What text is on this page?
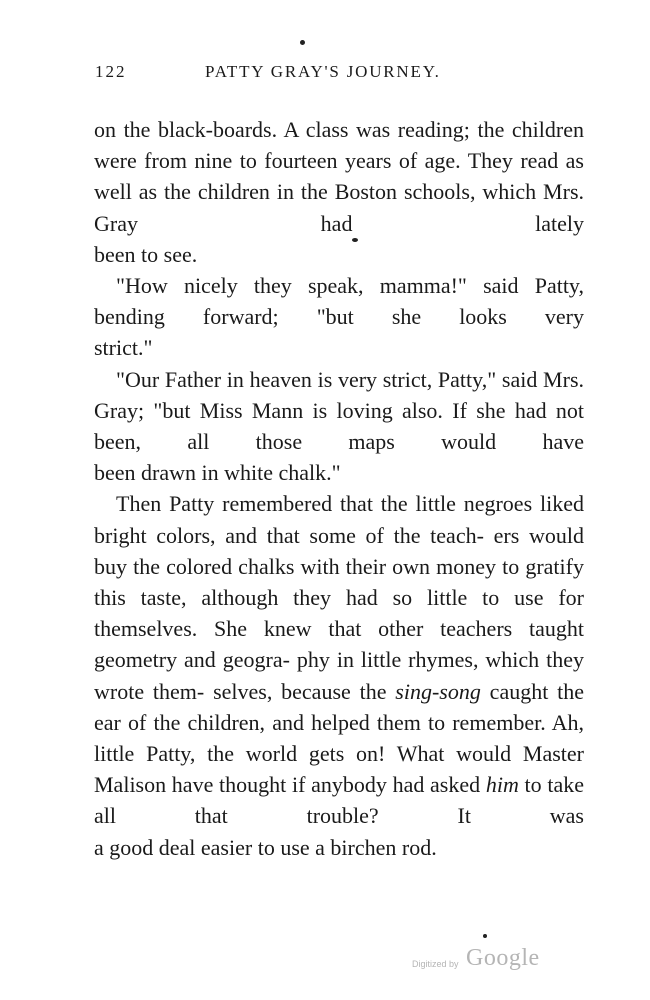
122	PATTY GRAY'S JOURNEY.

on the black-boards. A class was reading; the children were from nine to fourteen years of age. They read as well as the children in the Boston schools, which Mrs. Gray had lately

been to see.

"How nicely they speak, mamma!" said Patty, bending forward; "but she looks very

strict."

"Our Father in heaven is very strict, Patty," said Mrs. Gray; "but Miss Mann is loving also. If she had not been, all those maps would have

been drawn in white chalk."

Then Patty remembered that the little negroes liked bright colors, and that some of the teach- ers would buy the colored chalks with their own money to gratify this taste, although they had so little to use for themselves. She knew that other teachers taught geometry and geogra- phy in little rhymes, which they wrote them- selves, because the sing-song caught the ear of the children, and helped them to remember. Ah, little Patty, the world gets on! What would Master Malison have thought if anybody had asked him to take all that trouble? It was

a good deal easier to use a birchen rod.

Digitized by Google
